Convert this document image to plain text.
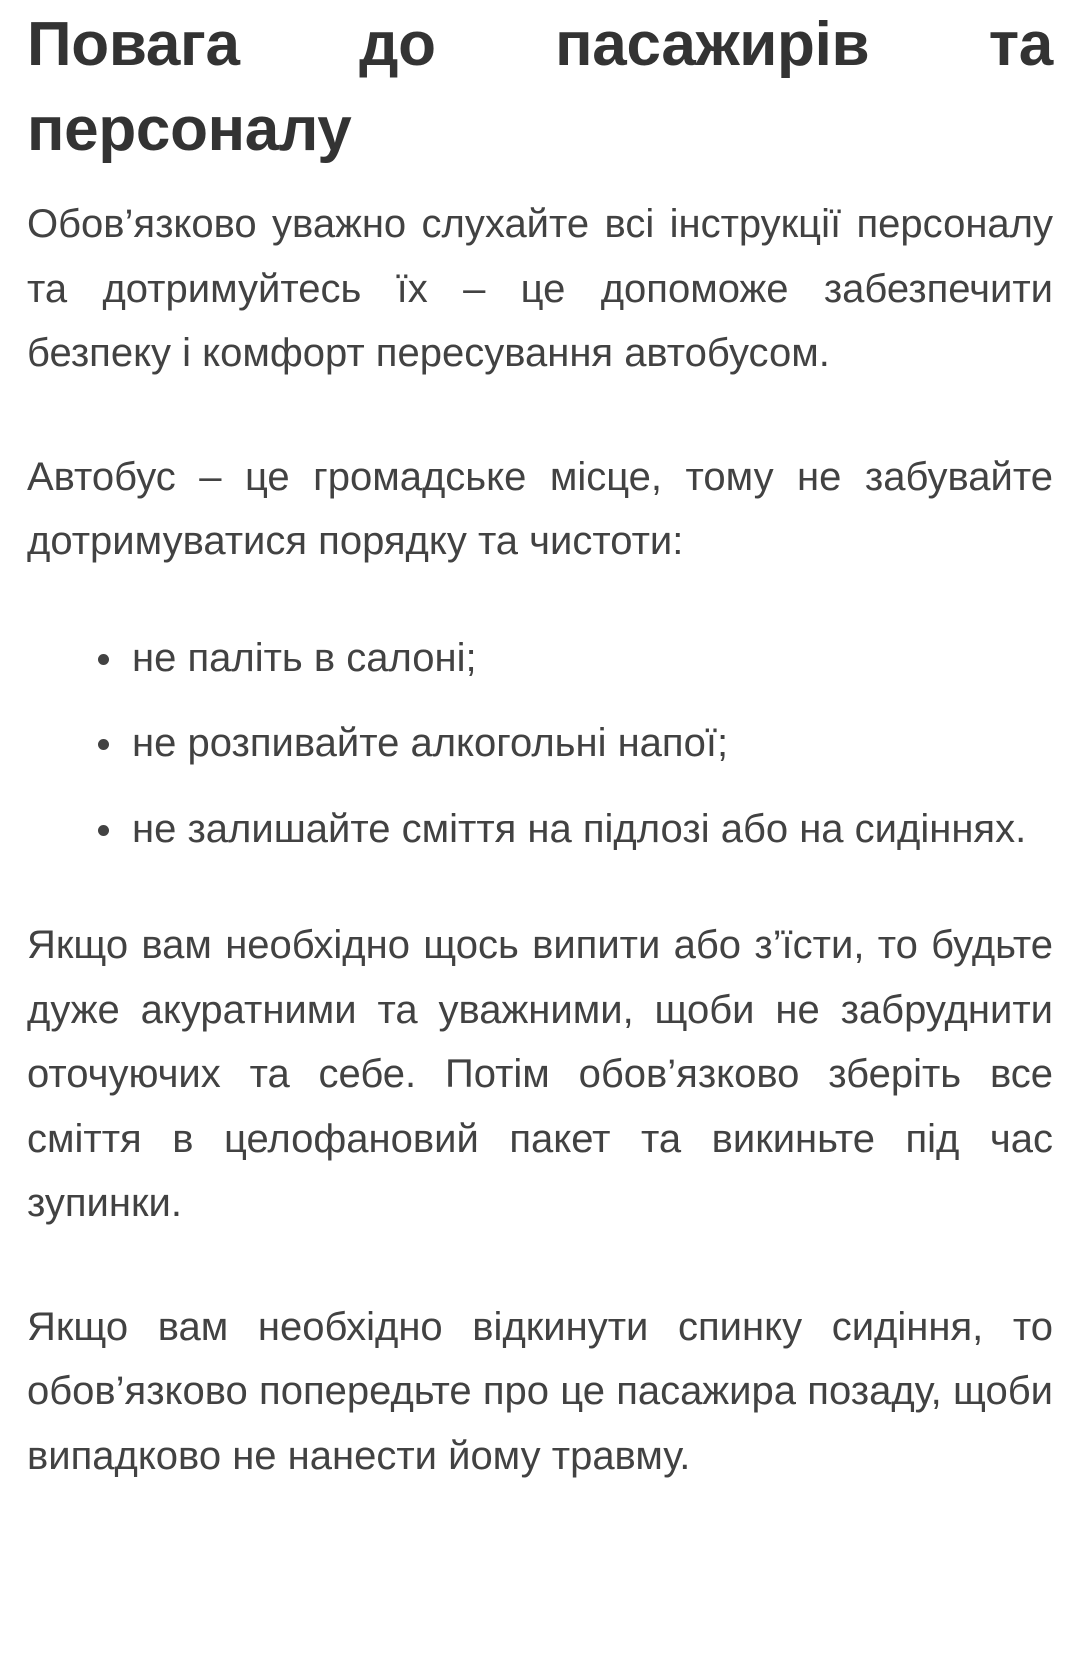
Повага до пасажирів та персоналу

Обов’язково уважно слухайте всі інструкції персоналу та дотримуйтесь їх – це допоможе забезпечити безпеку і комфорт пересування автобусом.

Автобус – це громадське місце, тому не забувайте дотримуватися порядку та чистоти:

не паліть в салоні;
не розпивайте алкогольні напої;
не залишайте сміття на підлозі або на сидіннях.

Якщо вам необхідно щось випити або з’їсти, то будьте дуже акуратними та уважними, щоби не забруднити оточуючих та себе. Потім обов’язково зберіть все сміття в целофановий пакет та викиньте під час зупинки.

Якщо вам необхідно відкинути спинку сидіння, то обов’язково попередьте про це пасажира позаду, щоби випадково не нанести йому травму.
